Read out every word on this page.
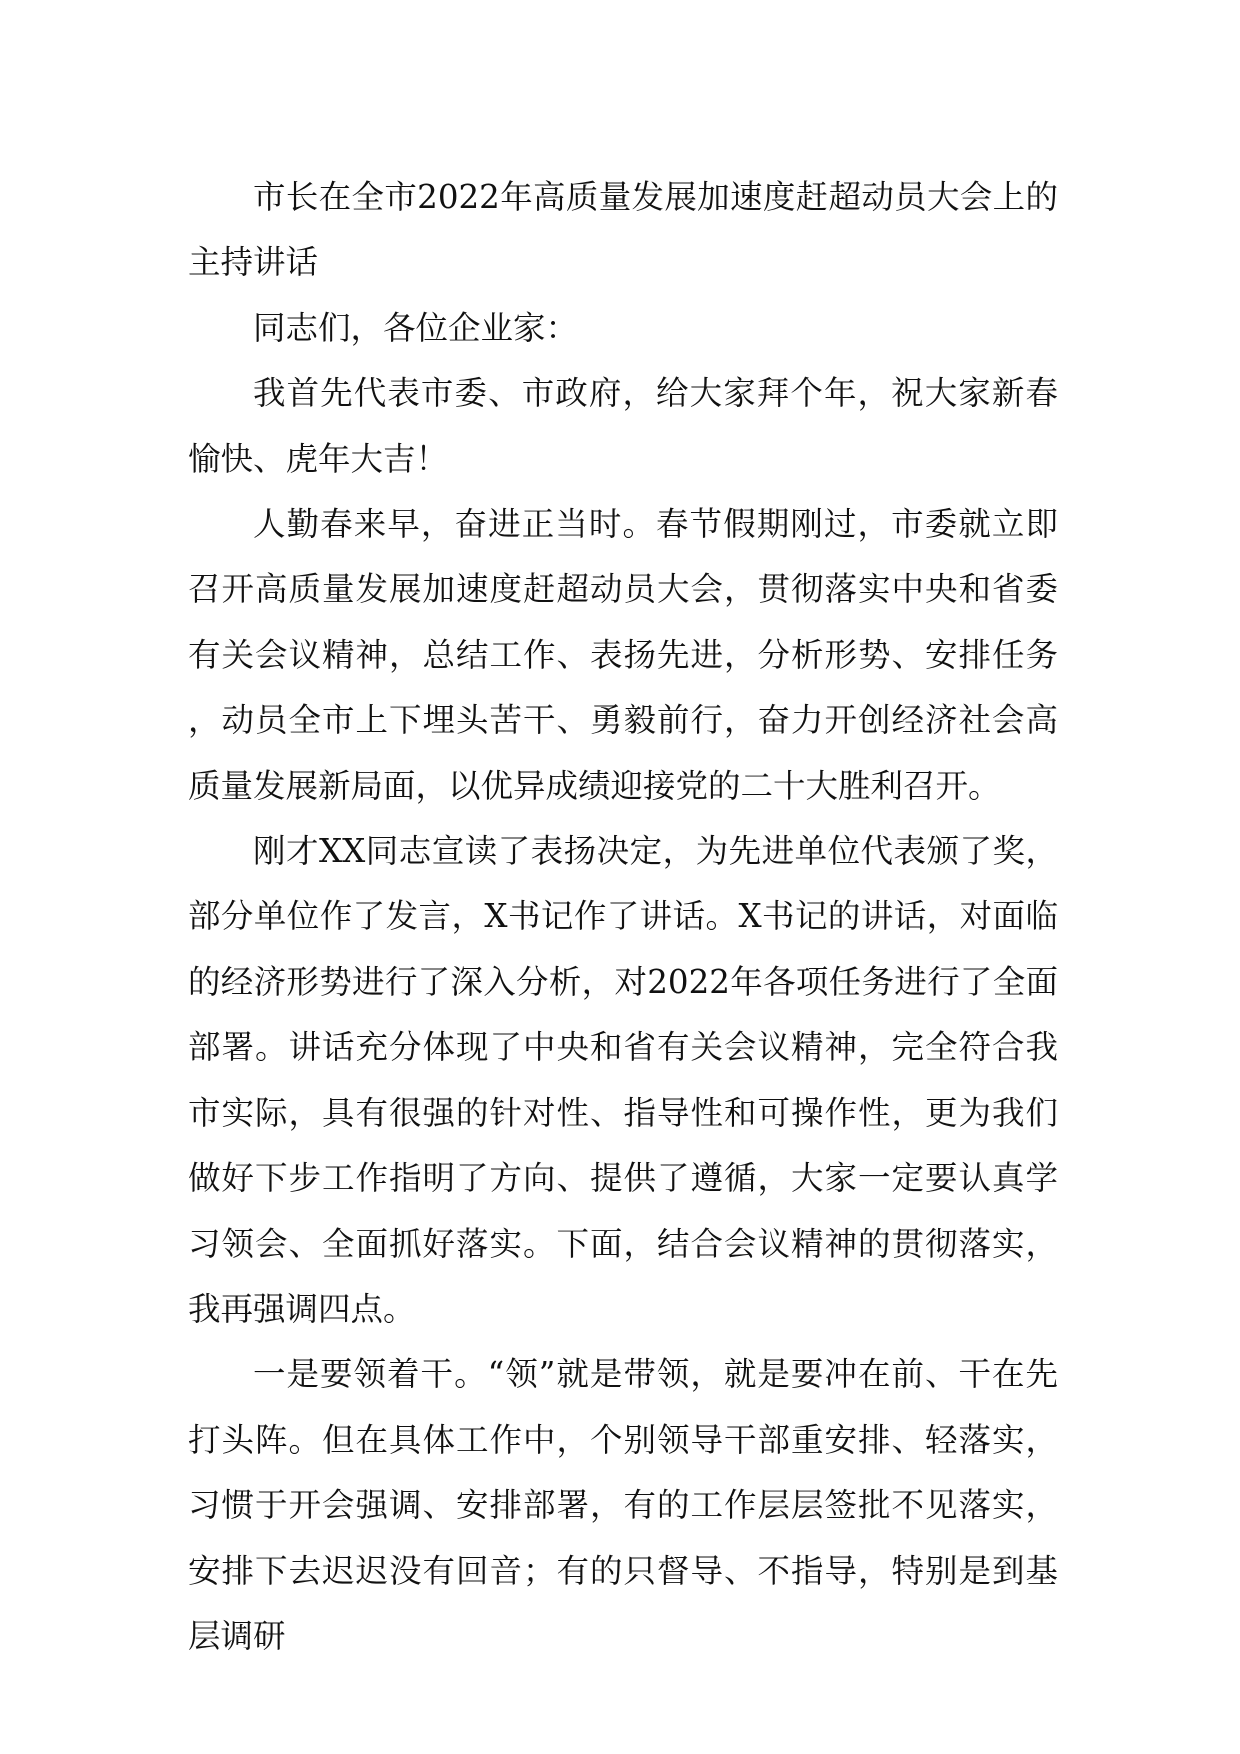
市长在全市2022年高质量发展加速度赶超动员大会上的主持讲话

同志们，各位企业家：

我首先代表市委、市政府，给大家拜个年，祝大家新春愉快、虎年大吉！

人勤春来早，奋进正当时。春节假期刚过，市委就立即召开高质量发展加速度赶超动员大会，贯彻落实中央和省委有关会议精神，总结工作、表扬先进，分析形势、安排任务，动员全市上下埋头苦干、勇毅前行，奋力开创经济社会高质量发展新局面，以优异成绩迎接党的二十大胜利召开。

刚才XX同志宣读了表扬决定，为先进单位代表颁了奖，部分单位作了发言，X书记作了讲话。X书记的讲话，对面临的经济形势进行了深入分析，对2022年各项任务进行了全面部署。讲话充分体现了中央和省有关会议精神，完全符合我市实际，具有很强的针对性、指导性和可操作性，更为我们做好下步工作指明了方向、提供了遵循，大家一定要认真学习领会、全面抓好落实。下面，结合会议精神的贯彻落实，我再强调四点。

一是要领着干。“领”就是带领，就是要冲在前、干在先打头阵。但在具体工作中，个别领导干部重安排、轻落实，习惯于开会强调、安排部署，有的工作层层签批不见落实，安排下去迟迟没有回音；有的只督导、不指导，特别是到基层调研
